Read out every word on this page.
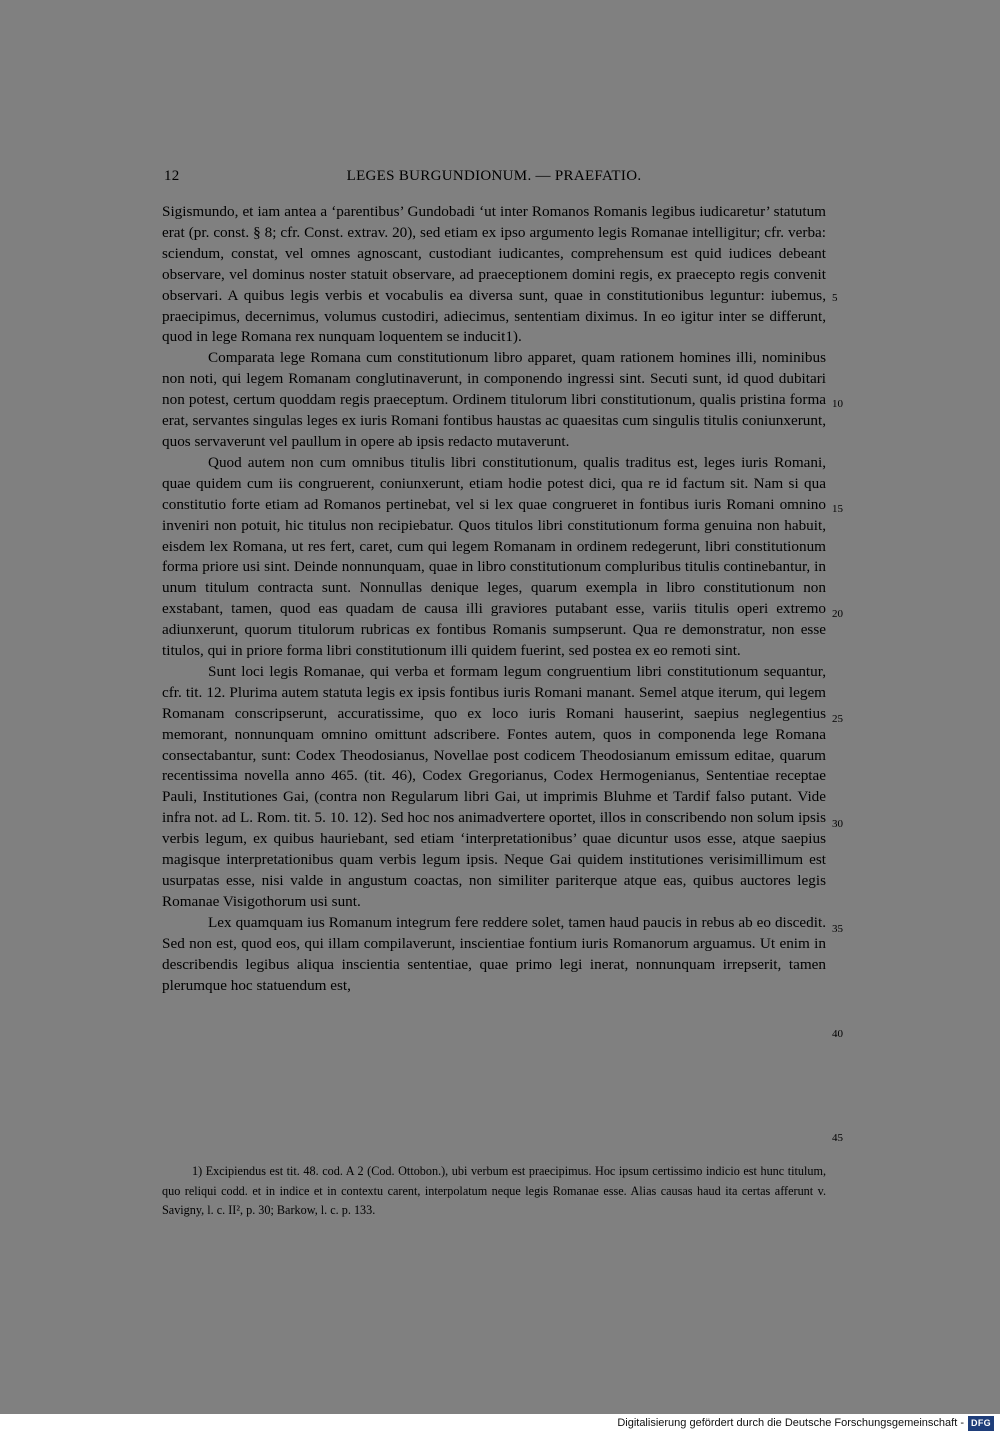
12	LEGES BURGUNDIONUM. — PRAEFATIO.

Sigismundo, et iam antea a ‘parentibus’ Gundobadi ‘ut inter Romanos Romanis legibus iudicaretur’ statutum erat (pr. const. § 8; cfr. Const. extrav. 20), sed etiam ex ipso argumento legis Romanae intelligitur; cfr. verba: sciendum, constat, vel omnes agnoscant, custodiant iudicantes, comprehensum est quid iudices debeant observare, vel dominus noster statuit observare, ad praeceptionem domini regis, ex praecepto regis convenit observari. A quibus legis verbis et vocabulis ea diversa sunt, quae in constitutionibus leguntur: iubemus, praecipimus, decernimus, volumus custodiri, adiecimus, sententiam diximus. In eo igitur inter se differunt, quod in lege Romana rex nunquam loquentem se inducit1).

Comparata lege Romana cum constitutionum libro apparet, quam rationem homines illi, nominibus non noti, qui legem Romanam conglutinaverunt, in componendo ingressi sint. Secuti sunt, id quod dubitari non potest, certum quoddam regis praeceptum. Ordinem titulorum libri constitutionum, qualis pristina forma erat, servantes singulas leges ex iuris Romani fontibus haustas ac quaesitas cum singulis titulis coniunxerunt, quos servaverunt vel paullum in opere ab ipsis redacto mutaverunt.

Quod autem non cum omnibus titulis libri constitutionum, qualis traditus est, leges iuris Romani, quae quidem cum iis congruerent, coniunxerunt, etiam hodie potest dici, qua re id factum sit. Nam si qua constitutio forte etiam ad Romanos pertinebat, vel si lex quae congrueret in fontibus iuris Romani omnino inveniri non potuit, hic titulus non recipiebatur. Quos titulos libri constitutionum forma genuina non habuit, eisdem lex Romana, ut res fert, caret, cum qui legem Romanam in ordinem redegerunt, libri constitutionum forma priore usi sint. Deinde nonnunquam, quae in libro constitutionum compluribus titulis continebantur, in unum titulum contracta sunt. Nonnullas denique leges, quarum exempla in libro constitutionum non exstabant, tamen, quod eas quadam de causa illi graviores putabant esse, variis titulis operi extremo adiunxerunt, quorum titulorum rubricas ex fontibus Romanis sumpserunt. Qua re demonstratur, non esse titulos, qui in priore forma libri constitutionum illi quidem fuerint, sed postea ex eo remoti sint.

Sunt loci legis Romanae, qui verba et formam legum congruentium libri constitutionum sequantur, cfr. tit. 12. Plurima autem statuta legis ex ipsis fontibus iuris Romani manant. Semel atque iterum, qui legem Romanam conscripserunt, accuratissime, quo ex loco iuris Romani hauserint, saepius neglegentius memorant, nonnunquam omnino omittunt adscribere. Fontes autem, quos in componenda lege Romana consectabantur, sunt: Codex Theodosianus, Novellae post codicem Theodosianum emissum editae, quarum recentissima novella anno 465. (tit. 46), Codex Gregorianus, Codex Hermogenianus, Sententiae receptae Pauli, Institutiones Gai, (contra non Regularum libri Gai, ut imprimis Bluhme et Tardif falso putant. Vide infra not. ad L. Rom. tit. 5. 10. 12). Sed hoc nos animadvertere oportet, illos in conscribendo non solum ipsis verbis legum, ex quibus hauriebant, sed etiam ‘interpretationibus’ quae dicuntur usos esse, atque saepius magisque interpretationibus quam verbis legum ipsis. Neque Gai quidem institutiones verisimillimum est usurpatas esse, nisi valde in angustum coactas, non similiter pariterque atque eas, quibus auctores legis Romanae Visigothorum usi sunt.

Lex quamquam ius Romanum integrum fere reddere solet, tamen haud paucis in rebus ab eo discedit. Sed non est, quod eos, qui illam compilaverunt, inscientiae fontium iuris Romanorum arguamus. Ut enim in describendis legibus aliqua inscientia sententiae, quae primo legi inerat, nonnunquam irrepserit, tamen plerumque hoc statuendum est,

5
10
15
20
25
30
35
40
45

1) Excipiendus est tit. 48. cod. A 2 (Cod. Ottobon.), ubi verbum est praecipimus. Hoc ipsum certissimo indicio est hunc titulum, quo reliqui codd. et in indice et in contextu carent, interpolatum neque legis Romanae esse. Alias causas haud ita certas afferunt v. Savigny, l. c. II², p. 30; Barkow, l. c. p. 133.

Digitalisierung gefördert durch die Deutsche Forschungsgemeinschaft - DFG
